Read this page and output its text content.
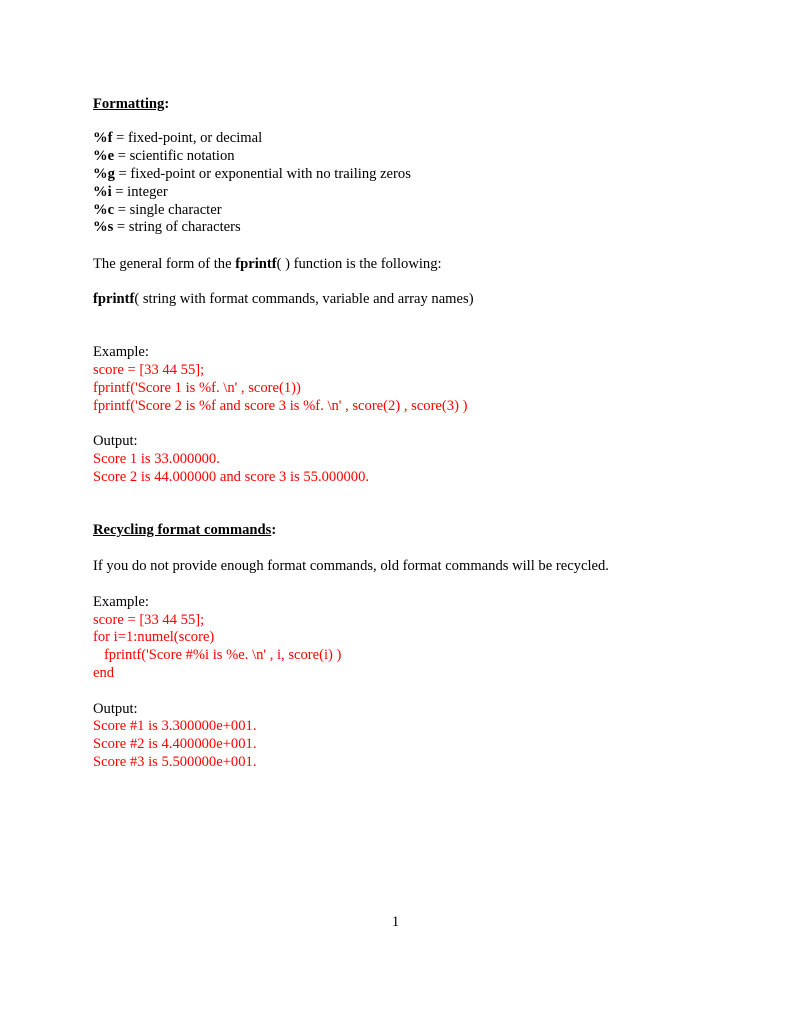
Formatting:

%f = fixed-point, or decimal

%e = scientific notation

%g = fixed-point or exponential with no trailing zeros

%i = integer

%c = single character

%s = string of characters

The general form of the fprintf( ) function is the following:

fprintf( string with format commands, variable and array names)

Example:

score = [33 44 55];

fprintf('Score 1 is %f. \n' , score(1))

fprintf('Score 2 is %f and score 3 is %f. \n' , score(2) , score(3) )

Output:

Score 1 is 33.000000.

Score 2 is 44.000000 and score 3 is 55.000000.

Recycling format commands:

If you do not provide enough format commands, old format commands will be recycled.

Example:

score = [33 44 55];

for i=1:numel(score)

fprintf('Score #%i is %e. \n' , i, score(i) )

end

Output:

Score #1 is 3.300000e+001.

Score #2 is 4.400000e+001.

Score #3 is 5.500000e+001.

1
